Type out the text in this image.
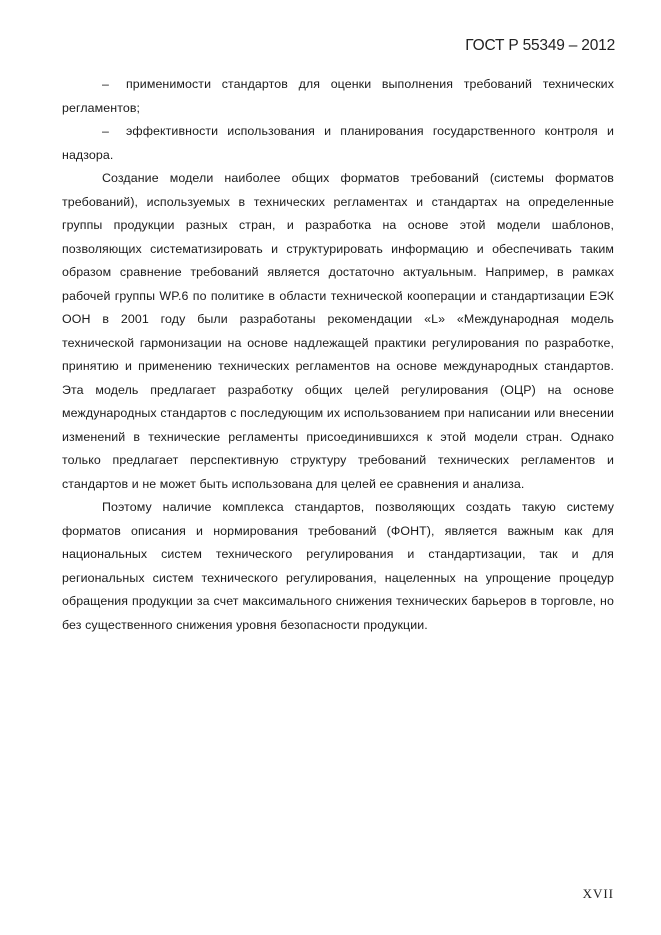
ГОСТ Р 55349 – 2012

– применимости стандартов для оценки выполнения требований технических регламентов;

– эффективности использования и планирования государственного контроля и надзора.

Создание модели наиболее общих форматов требований (системы форматов требований), используемых в технических регламентах и стандартах на определенные группы продукции разных стран, и разработка на основе этой модели шаблонов, позволяющих систематизировать и структурировать информацию и обеспечивать таким образом сравнение требований является достаточно актуальным. Например, в рамках рабочей группы WP.6 по политике в области технической кооперации и стандартизации ЕЭК ООН в 2001 году были разработаны рекомендации «L» «Международная модель технической гармонизации на основе надлежащей практики регулирования по разработке, принятию и применению технических регламентов на основе международных стандартов. Эта модель предлагает разработку общих целей регулирования (ОЦР) на основе международных стандартов с последующим их использованием при написании или внесении изменений в технические регламенты присоединившихся к этой модели стран. Однако только предлагает перспективную структуру требований технических регламентов и стандартов и не может быть использована для целей ее сравнения и анализа.

Поэтому наличие комплекса стандартов, позволяющих создать такую систему форматов описания и нормирования требований (ФОНТ), является важным как для национальных систем технического регулирования и стандартизации, так и для региональных систем технического регулирования, нацеленных на упрощение процедур обращения продукции за счет максимального снижения технических барьеров в торговле, но без существенного снижения уровня безопасности продукции.

XVII
